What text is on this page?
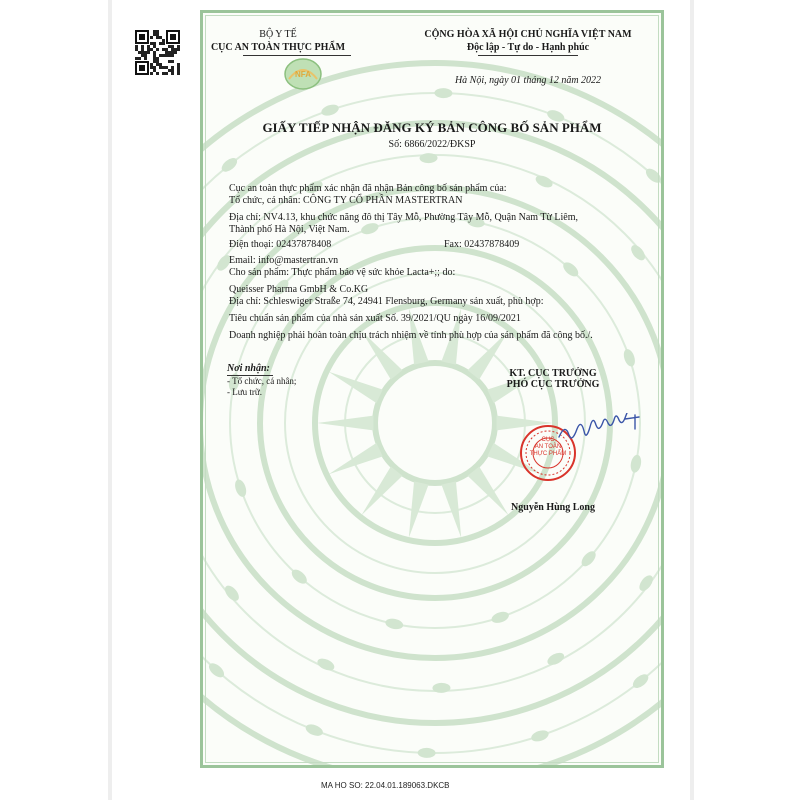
BỘ Y TẾ
CỤC AN TOÀN THỰC PHẨM
NFA
CỘNG HÒA XÃ HỘI CHỦ NGHĨA VIỆT NAM
Độc lập - Tự do - Hạnh phúc
Hà Nội, ngày 01 tháng 12 năm 2022
GIẤY TIẾP NHẬN ĐĂNG KÝ BẢN CÔNG BỐ SẢN PHẨM
Số: 6866/2022/ĐKSP
Cục an toàn thực phẩm xác nhận đã nhận Bản công bố sản phẩm của:
Tổ chức, cá nhân: CÔNG TY CỔ PHẦN MASTERTRAN
Địa chỉ: NV4.13, khu chức năng đô thị Tây Mỗ, Phường Tây Mỗ, Quận Nam Từ Liêm,
Thành phố Hà Nội, Việt Nam.
Điện thoại: 02437878408	Fax: 02437878409
Email: info@mastertran.vn
Cho sản phẩm: Thực phẩm bảo vệ sức khỏe Lacta+;; do:
Queisser Pharma GmbH & Co.KG
Địa chỉ: Schleswiger Straße 74, 24941 Flensburg, Germany sản xuất, phù hợp:
Tiêu chuẩn sản phẩm của nhà sản xuất Số. 39/2021/QU ngày 16/09/2021
Doanh nghiệp phải hoàn toàn chịu trách nhiệm về tính phù hợp của sản phẩm đã công bố./.
Nơi nhận:
- Tổ chức, cá nhân;
- Lưu trữ.
KT. CỤC TRƯỞNG
PHÓ CỤC TRƯỞNG
CỤC
AN TOÀN
THỰC PHẨM
Nguyễn Hùng Long
MA HO SO: 22.04.01.189063.DKCB
